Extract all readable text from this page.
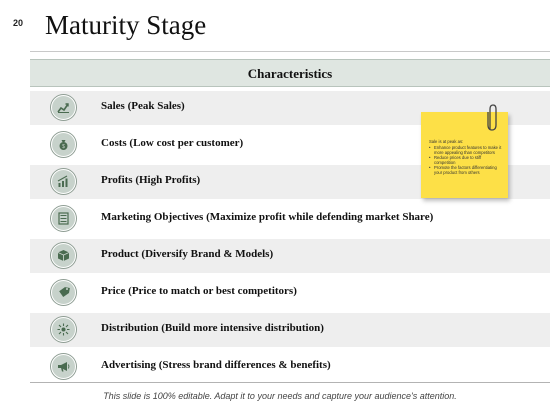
20 Maturity Stage
Characteristics
Sales (Peak Sales)
$	Costs (Low cost per customer)
Profits (High Profits)
Marketing Objectives (Maximize profit while defending market Share)
Product (Diversify Brand & Models)
Price (Price to match or best competitors)
Distribution (Build more intensive distribution)
Advertising (Stress brand differences & benefits)
Sale is at peak as:
• Enhance product features to make it more appealing than competitors
• Reduce prices due to stiff competition
• Promote the factors differentiating your product from others
This slide is 100% editable. Adapt it to your needs and capture your audience's attention.
